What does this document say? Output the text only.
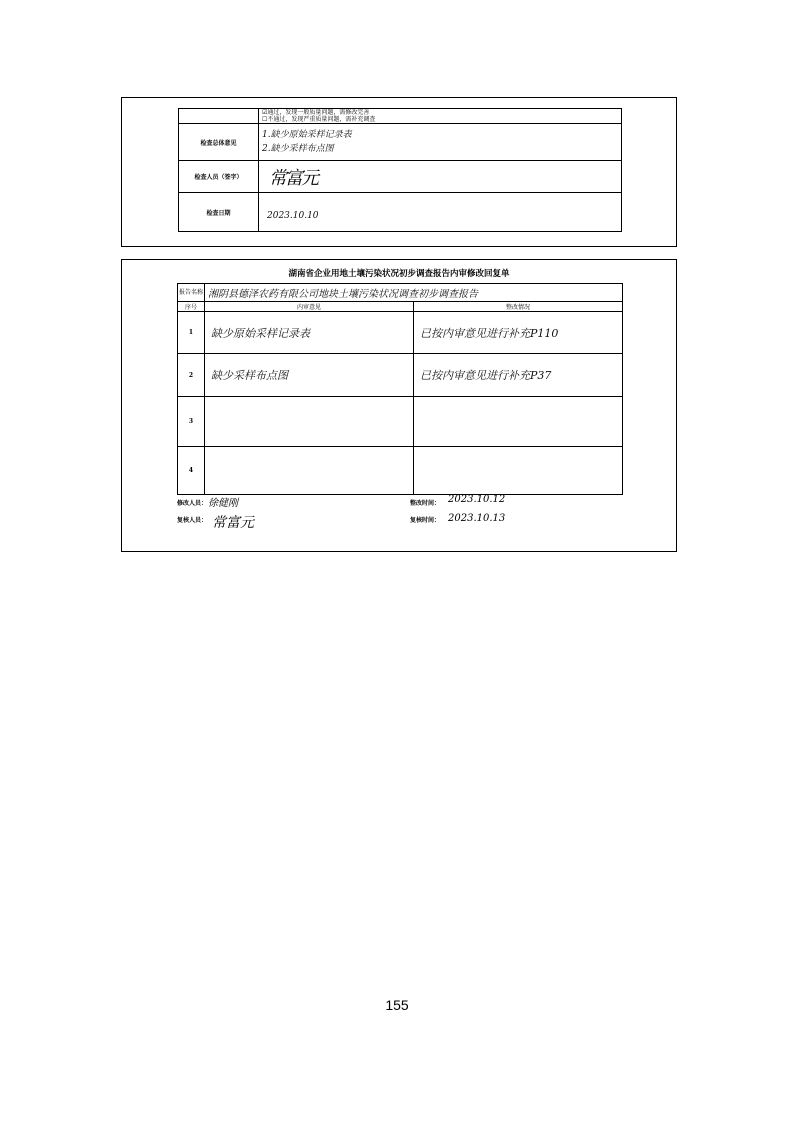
	☑通过，发现一般质量问题，需修改完善
☐不通过，发现严重质量问题，需补充调查

检查总体意见	1.缺少原始采样记录表
2.缺少采样布点图

检查人员（签字）	常富元
检查日期	2023.10.10
湖南省企业用地土壤污染状况初步调查报告内审修改回复单
报告名称	湘阴县德泽农药有限公司地块土壤污染状况调查初步调查报告	
序号	内审意见	整改情况
1	缺少原始采样记录表	已按内审意见进行补充P110
2	缺少采样布点图	已按内审意见进行补充P37
3		
4		
修改人员： 徐健刚
复核人员： 常富元
整改时间： 2023.10.12
复核时间： 2023.10.13
155
